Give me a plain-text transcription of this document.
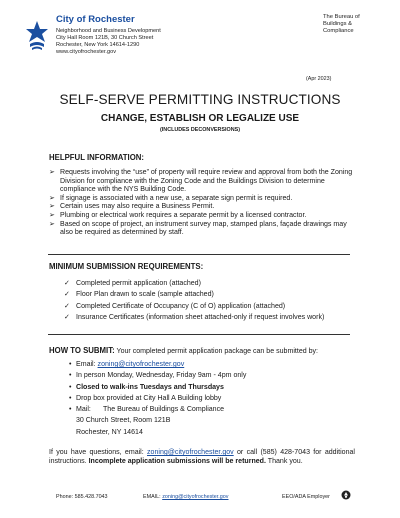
City of Rochester
Neighborhood and Business Development
City Hall Room 121B, 30 Church Street
Rochester, New York 14614-1290
www.cityofrochester.gov
The Bureau of
Buildings &
Compliance
(Apr 2023)
SELF-SERVE PERMITTING INSTRUCTIONS
CHANGE, ESTABLISH OR LEGALIZE USE
(INCLUDES DECONVERSIONS)
HELPFUL INFORMATION:
➢ Requests involving the “use” of property will require review and approval from both the Zoning Division for compliance with the Zoning Code and the Buildings Division to determine compliance with the NYS Building Code.
➢ If signage is associated with a new use, a separate sign permit is required.
➢ Certain uses may also require a Business Permit.
➢ Plumbing or electrical work requires a separate permit by a licensed contractor.
➢ Based on scope of project, an instrument survey map, stamped plans, façade drawings may also be required as determined by staff.
MINIMUM SUBMISSION REQUIREMENTS:
✓ Completed permit application (attached)
✓ Floor Plan drawn to scale (sample attached)
✓ Completed Certificate of Occupancy (C of O) application (attached)
✓ Insurance Certificates (information sheet attached-only if request involves work)
HOW TO SUBMIT: Your completed permit application package can be submitted by:
• Email: zoning@cityofrochester.gov
• In person Monday, Wednesday, Friday 9am - 4pm only
• Closed to walk-ins Tuesdays and Thursdays
• Drop box provided at City Hall A Building lobby
• Mail: The Bureau of Buildings & Compliance
30 Church Street, Room 121B
Rochester, NY 14614
If you have questions, email: zoning@cityofrochester.gov or call (585) 428-7043 for additional instructions. Incomplete application submissions will be returned. Thank you.
Phone: 585.428.7043	EMAIL: zoning@cityofrochester.gov	EEO/ADA Employer
